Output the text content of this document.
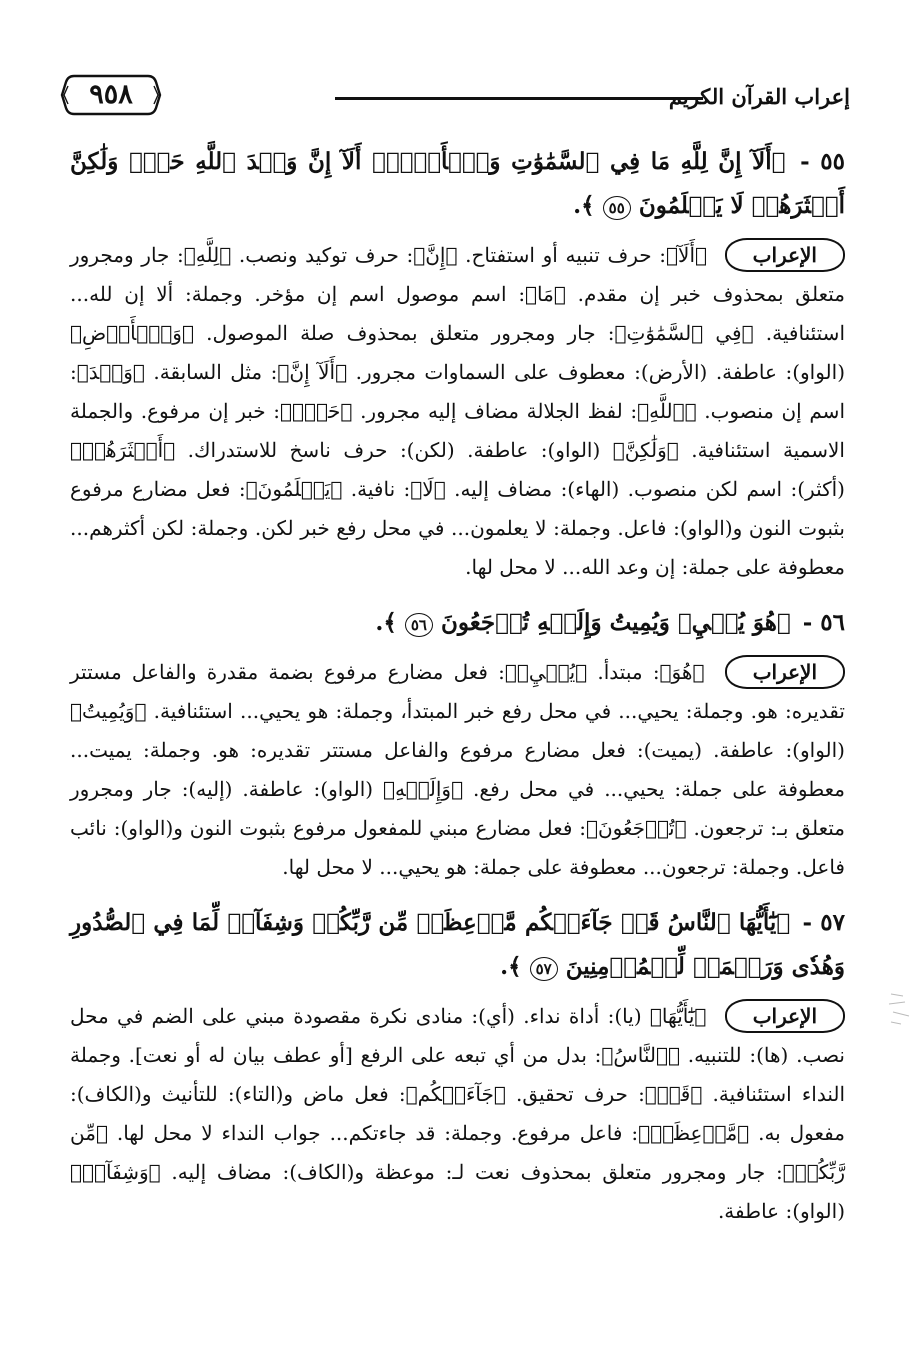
٩٥٨	إعراب القرآن الكريم

٥٥ - ﴿أَلَآ إِنَّ لِلَّهِ مَا فِي ٱلسَّمَٰوَٰتِ وَٱلۡأَرۡضِۗ أَلَآ إِنَّ وَعۡدَ ٱللَّهِ حَقّٞ وَلَٰكِنَّ أَكۡثَرَهُمۡ لَا يَعۡلَمُونَ ٥٥ ﴾.

الإعراب ﴿أَلَآ﴾: حرف تنبيه أو استفتاح. ﴿إِنَّ﴾: حرف توكيد ونصب. ﴿لِلَّهِ﴾: جار ومجرور متعلق بمحذوف خبر إن مقدم. ﴿مَا﴾: اسم موصول اسم إن مؤخر. وجملة: ألا إن لله... استئنافية. ﴿فِي ٱلسَّمَٰوَٰتِ﴾: جار ومجرور متعلق بمحذوف صلة الموصول. ﴿وَٱلۡأَرۡضِ﴾ (الواو): عاطفة. (الأرض): معطوف على السماوات مجرور. ﴿أَلَآ إِنَّ﴾: مثل السابقة. ﴿وَعۡدَ﴾: اسم إن منصوب. ﴿ٱللَّهِ﴾: لفظ الجلالة مضاف إليه مجرور. ﴿حَقّٞ﴾: خبر إن مرفوع. والجملة الاسمية استئنافية. ﴿وَلَٰكِنَّ﴾ (الواو): عاطفة. (لكن): حرف ناسخ للاستدراك. ﴿أَكۡثَرَهُمۡ﴾ (أكثر): اسم لكن منصوب. (الهاء): مضاف إليه. ﴿لَا﴾: نافية. ﴿يَعۡلَمُونَ﴾: فعل مضارع مرفوع بثبوت النون و(الواو): فاعل. وجملة: لا يعلمون... في محل رفع خبر لكن. وجملة: لكن أكثرهم... معطوفة على جملة: إن وعد الله... لا محل لها.

٥٦ - ﴿هُوَ يُحۡيِۦ وَيُمِيتُ وَإِلَيۡهِ تُرۡجَعُونَ ٥٦ ﴾.

الإعراب ﴿هُوَ﴾: مبتدأ. ﴿يُحۡيِۦ﴾: فعل مضارع مرفوع بضمة مقدرة والفاعل مستتر تقديره: هو. وجملة: يحيي... في محل رفع خبر المبتدأ، وجملة: هو يحيي... استئنافية. ﴿وَيُمِيتُ﴾ (الواو): عاطفة. (يميت): فعل مضارع مرفوع والفاعل مستتر تقديره: هو. وجملة: يميت... معطوفة على جملة: يحيي... في محل رفع. ﴿وَإِلَيۡهِ﴾ (الواو): عاطفة. (إليه): جار ومجرور متعلق بـ: ترجعون. ﴿تُرۡجَعُونَ﴾: فعل مضارع مبني للمفعول مرفوع بثبوت النون و(الواو): نائب فاعل. وجملة: ترجعون... معطوفة على جملة: هو يحيي... لا محل لها.

٥٧ - ﴿يَٰٓأَيُّهَا ٱلنَّاسُ قَدۡ جَآءَتۡكُم مَّوۡعِظَةٞ مِّن رَّبِّكُمۡ وَشِفَآءٞ لِّمَا فِي ٱلصُّدُورِ وَهُدٗى وَرَحۡمَةٞ لِّلۡمُؤۡمِنِينَ ٥٧ ﴾.

الإعراب ﴿يَٰٓأَيُّهَا﴾ (يا): أداة نداء. (أي): منادى نكرة مقصودة مبني على الضم في محل نصب. (ها): للتنبيه. ﴿ٱلنَّاسُ﴾: بدل من أي تبعه على الرفع [أو عطف بيان له أو نعت]. وجملة النداء استئنافية. ﴿قَدۡ﴾: حرف تحقيق. ﴿جَآءَتۡكُم﴾: فعل ماض و(التاء): للتأنيث و(الكاف): مفعول به. ﴿مَّوۡعِظَةٞ﴾: فاعل مرفوع. وجملة: قد جاءتكم... جواب النداء لا محل لها. ﴿مِّن رَّبِّكُمۡ﴾: جار ومجرور متعلق بمحذوف نعت لـ: موعظة و(الكاف): مضاف إليه. ﴿وَشِفَآءٞ﴾ (الواو): عاطفة.
